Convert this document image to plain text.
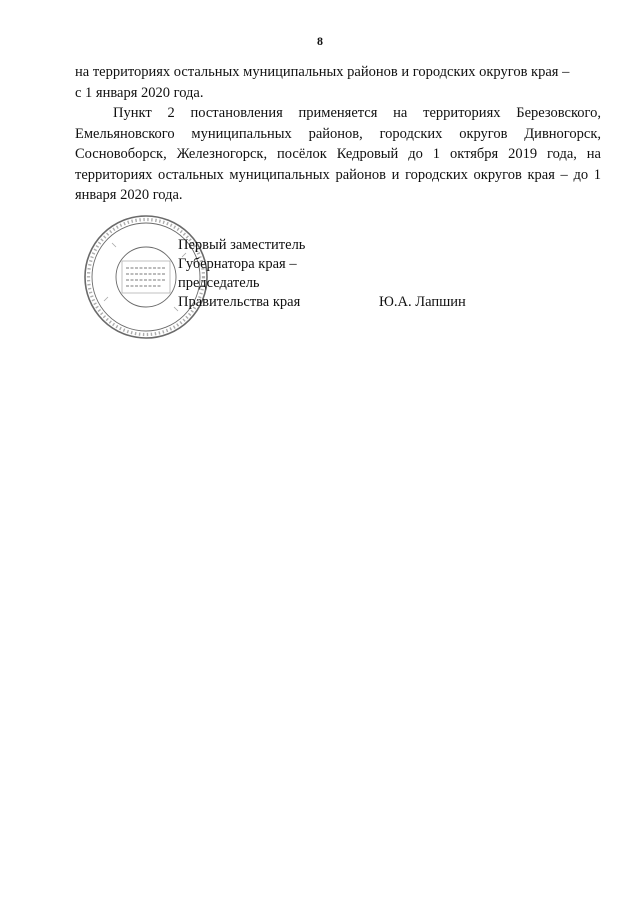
8

на территориях остальных муниципальных районов и городских округов края –
с 1 января 2020 года.

Пункт 2 постановления применяется на территориях Березовского, Емельяновского муниципальных районов, городских округов Дивногорск, Сосновоборск, Железногорск, посёлок Кедровый до 1 октября 2019 года, на территориях остальных муниципальных районов и городских округов края – до 1 января 2020 года.

Первый заместитель
Губернатора края –
председатель
Правительства края	Ю.А. Лапшин
